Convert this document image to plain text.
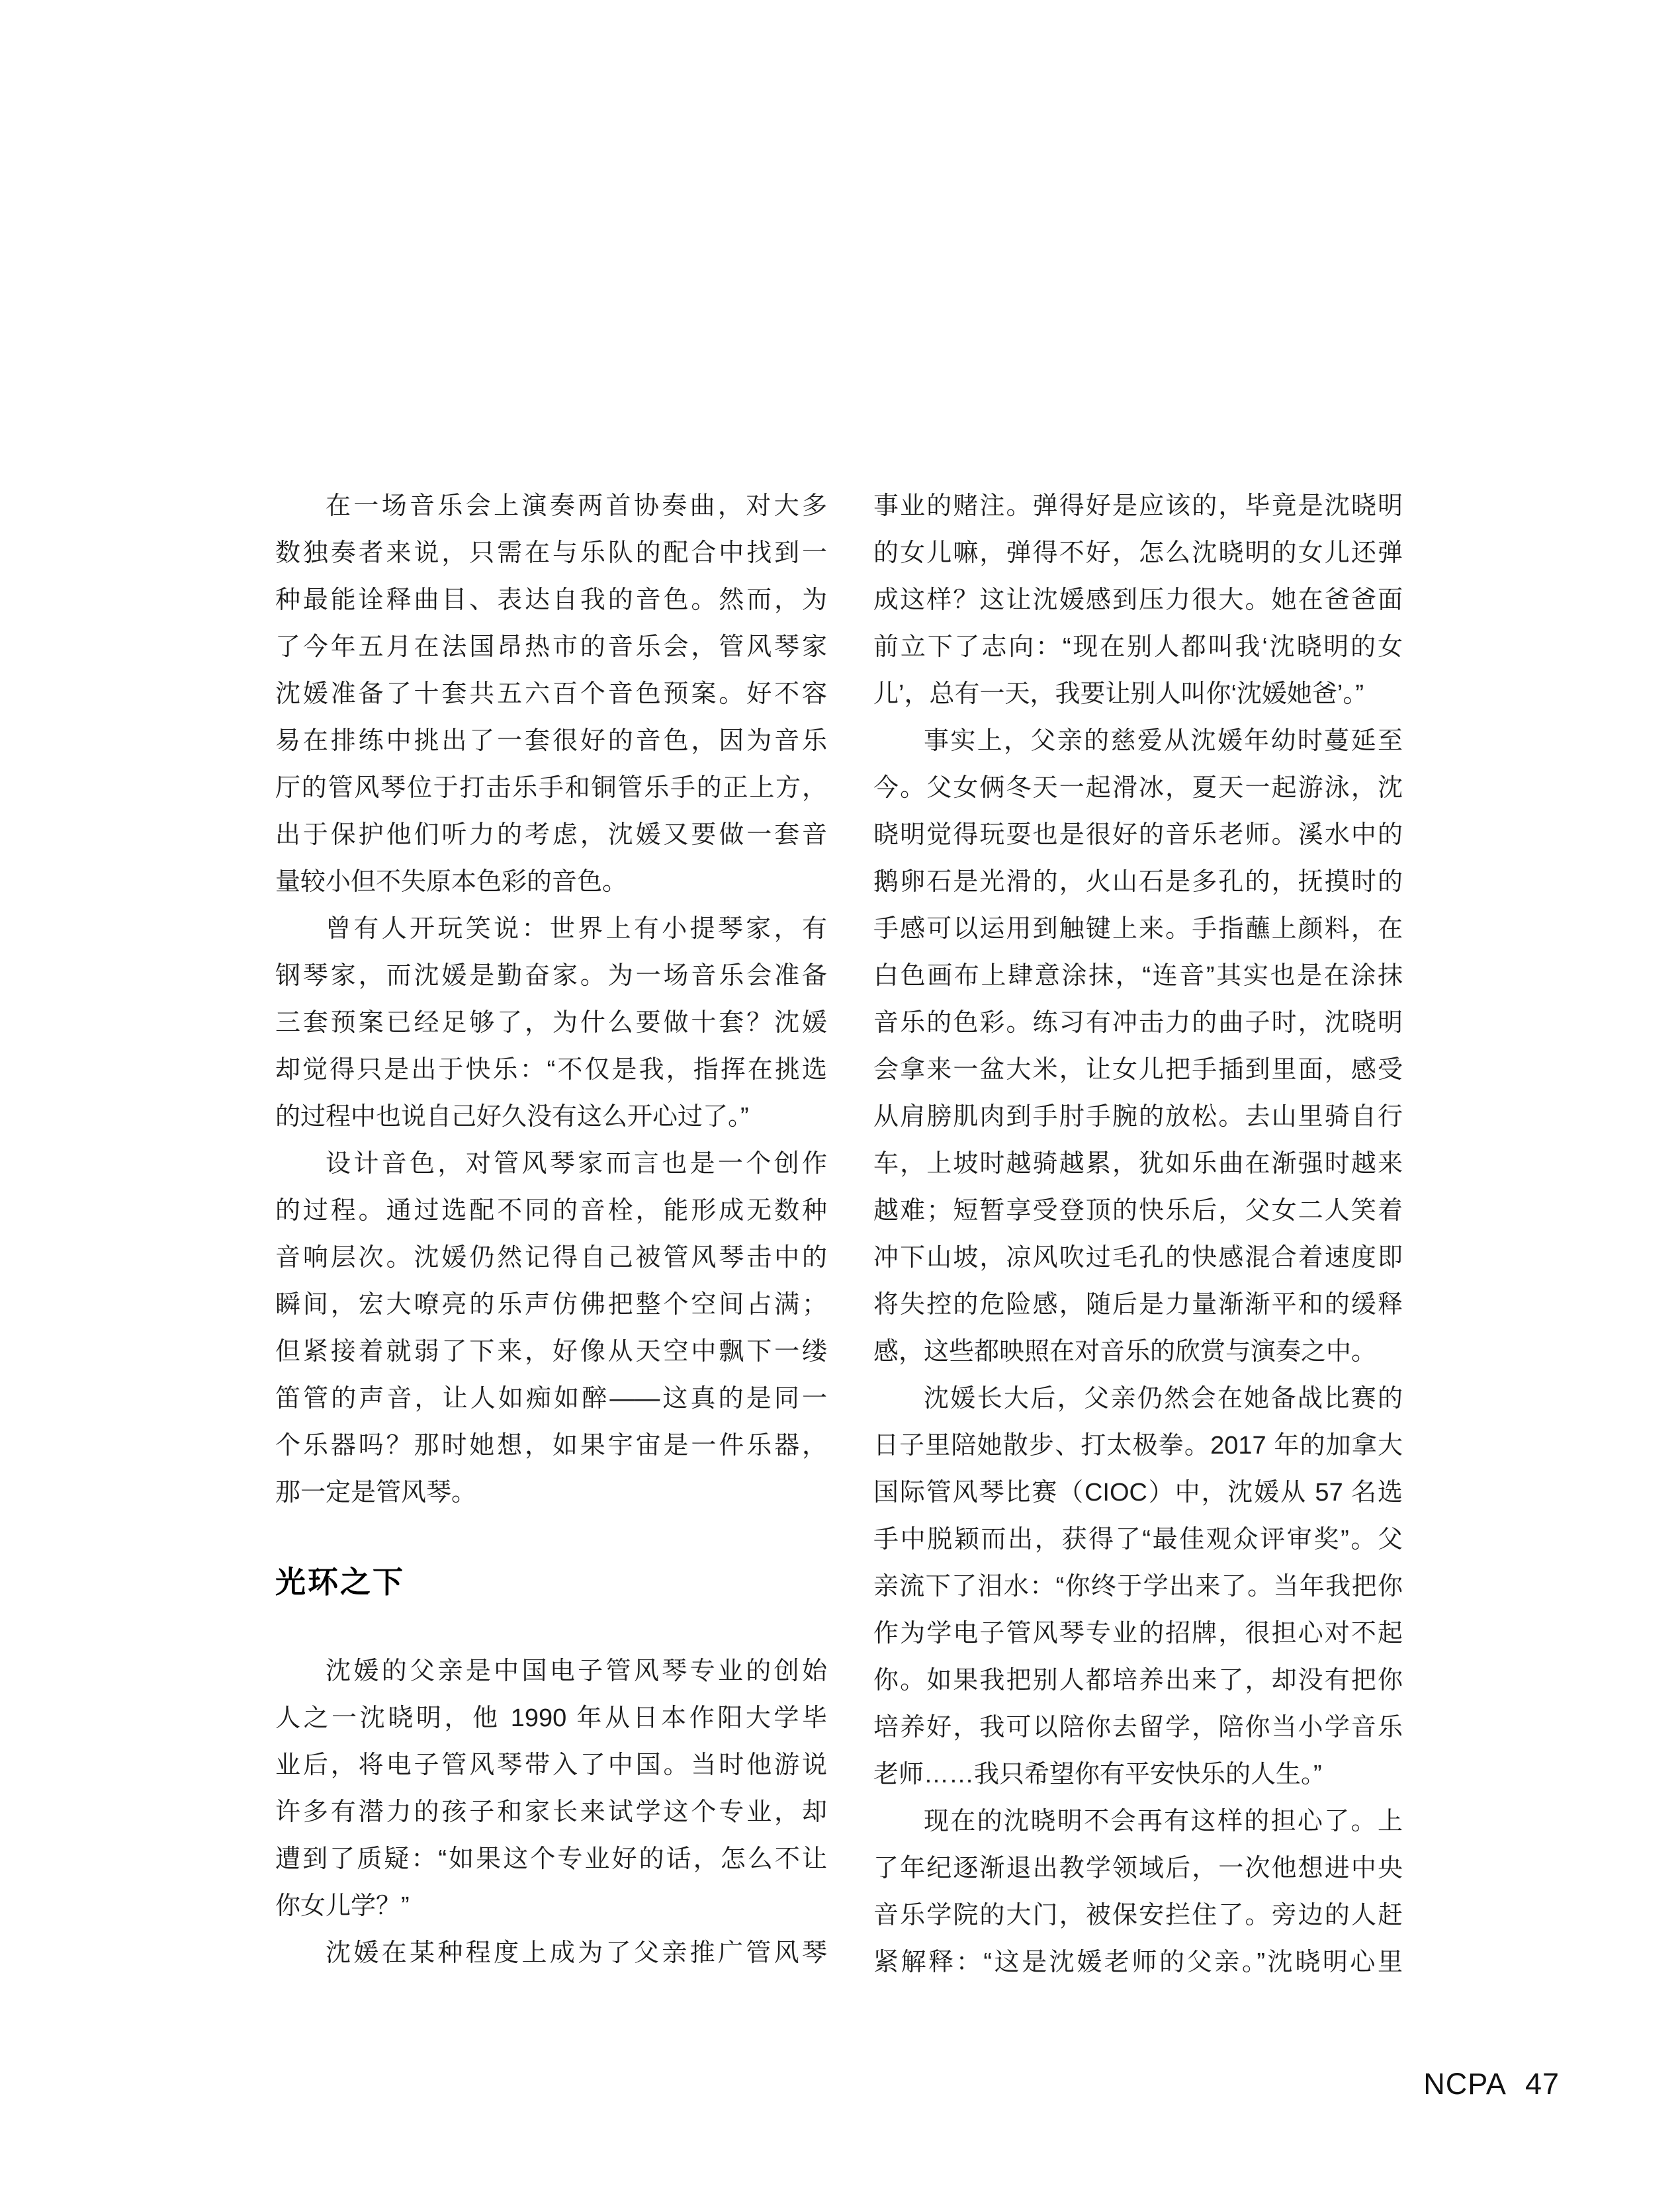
在一场音乐会上演奏两首协奏曲，对大多
数独奏者来说，只需在与乐队的配合中找到一
种最能诠释曲目、表达自我的音色。然而，为
了今年五月在法国昂热市的音乐会，管风琴家
沈媛准备了十套共五六百个音色预案。好不容
易在排练中挑出了一套很好的音色，因为音乐
厅的管风琴位于打击乐手和铜管乐手的正上方，
出于保护他们听力的考虑，沈媛又要做一套音
量较小但不失原本色彩的音色。
曾有人开玩笑说：世界上有小提琴家，有
钢琴家，而沈媛是勤奋家。为一场音乐会准备
三套预案已经足够了，为什么要做十套？沈媛
却觉得只是出于快乐：“不仅是我，指挥在挑选
的过程中也说自己好久没有这么开心过了。”
设计音色，对管风琴家而言也是一个创作
的过程。通过选配不同的音栓，能形成无数种
音响层次。沈媛仍然记得自己被管风琴击中的
瞬间，宏大嘹亮的乐声仿佛把整个空间占满；
但紧接着就弱了下来，好像从天空中飘下一缕
笛管的声音，让人如痴如醉——这真的是同一
个乐器吗？那时她想，如果宇宙是一件乐器，
那一定是管风琴。
光环之下
沈媛的父亲是中国电子管风琴专业的创始
人之一沈晓明，他 1990 年从日本作阳大学毕
业后，将电子管风琴带入了中国。当时他游说
许多有潜力的孩子和家长来试学这个专业，却
遭到了质疑：“如果这个专业好的话，怎么不让
你女儿学？”
沈媛在某种程度上成为了父亲推广管风琴
事业的赌注。弹得好是应该的，毕竟是沈晓明
的女儿嘛，弹得不好，怎么沈晓明的女儿还弹
成这样？这让沈媛感到压力很大。她在爸爸面
前立下了志向：“现在别人都叫我‘沈晓明的女
儿’，总有一天，我要让别人叫你‘沈媛她爸’。”
事实上，父亲的慈爱从沈媛年幼时蔓延至
今。父女俩冬天一起滑冰，夏天一起游泳，沈
晓明觉得玩耍也是很好的音乐老师。溪水中的
鹅卵石是光滑的，火山石是多孔的，抚摸时的
手感可以运用到触键上来。手指蘸上颜料，在
白色画布上肆意涂抹，“连音”其实也是在涂抹
音乐的色彩。练习有冲击力的曲子时，沈晓明
会拿来一盆大米，让女儿把手插到里面，感受
从肩膀肌肉到手肘手腕的放松。去山里骑自行
车，上坡时越骑越累，犹如乐曲在渐强时越来
越难；短暂享受登顶的快乐后，父女二人笑着
冲下山坡，凉风吹过毛孔的快感混合着速度即
将失控的危险感，随后是力量渐渐平和的缓释
感，这些都映照在对音乐的欣赏与演奏之中。
沈媛长大后，父亲仍然会在她备战比赛的
日子里陪她散步、打太极拳。2017 年的加拿大
国际管风琴比赛（CIOC）中，沈媛从 57 名选
手中脱颖而出，获得了“最佳观众评审奖”。父
亲流下了泪水：“你终于学出来了。当年我把你
作为学电子管风琴专业的招牌，很担心对不起
你。如果我把别人都培养出来了，却没有把你
培养好，我可以陪你去留学，陪你当小学音乐
老师……我只希望你有平安快乐的人生。”
现在的沈晓明不会再有这样的担心了。上
了年纪逐渐退出教学领域后，一次他想进中央
音乐学院的大门，被保安拦住了。旁边的人赶
紧解释：“这是沈媛老师的父亲。”沈晓明心里
NCPA 47
